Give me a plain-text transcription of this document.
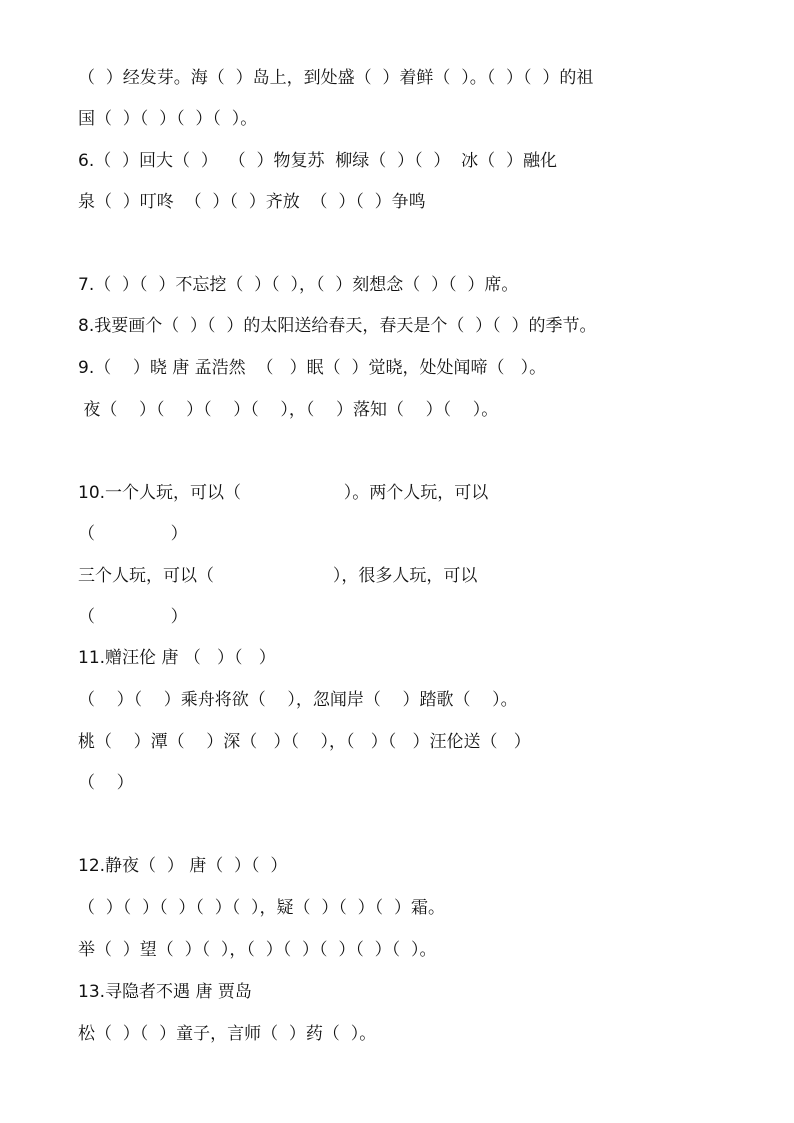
（  ）经发芽。海（  ）岛上，到处盛（  ）着鲜（  ）。（  ）（  ）的祖

国（  ）（  ）（  ）（  ）。

6.（  ）回大（  ）  （  ）物复苏  柳绿（  ）（  ）  冰（  ）融化

泉（  ）叮咚  （  ）（  ）齐放  （  ）（  ）争鸣

7.（  ）（  ）不忘挖（  ）（  ），（  ）刻想念（  ）（  ）席。

8.我要画个（  ）（  ）的太阳送给春天，春天是个（  ）（  ）的季节。

9.（    ）晓 唐 孟浩然  （   ）眠（  ）觉晓，处处闻啼（   ）。

夜（    ）（    ）（    ）（    ），（    ）落知（    ）（    ）。

10.一个人玩，可以（                   ）。两个人玩，可以

（              ）

三个人玩，可以（                      ），很多人玩，可以

（              ）

11.赠汪伦 唐 （   ）（   ）

（    ）（    ）乘舟将欲（    ），忽闻岸（    ）踏歌（    ）。

桃（    ）潭（    ）深（   ）（    ），（   ）（   ）汪伦送（   ）

（    ）

12.静夜（  ） 唐（  ）（  ）

（  ）（  ）（  ）（  ）（  ），疑（  ）（  ）（  ）霜。

举（  ）望（  ）（  ），（  ）（  ）（  ）（  ）（  ）。

13.寻隐者不遇 唐 贾岛

松（  ）（  ）童子，言师（  ）药（  ）。
